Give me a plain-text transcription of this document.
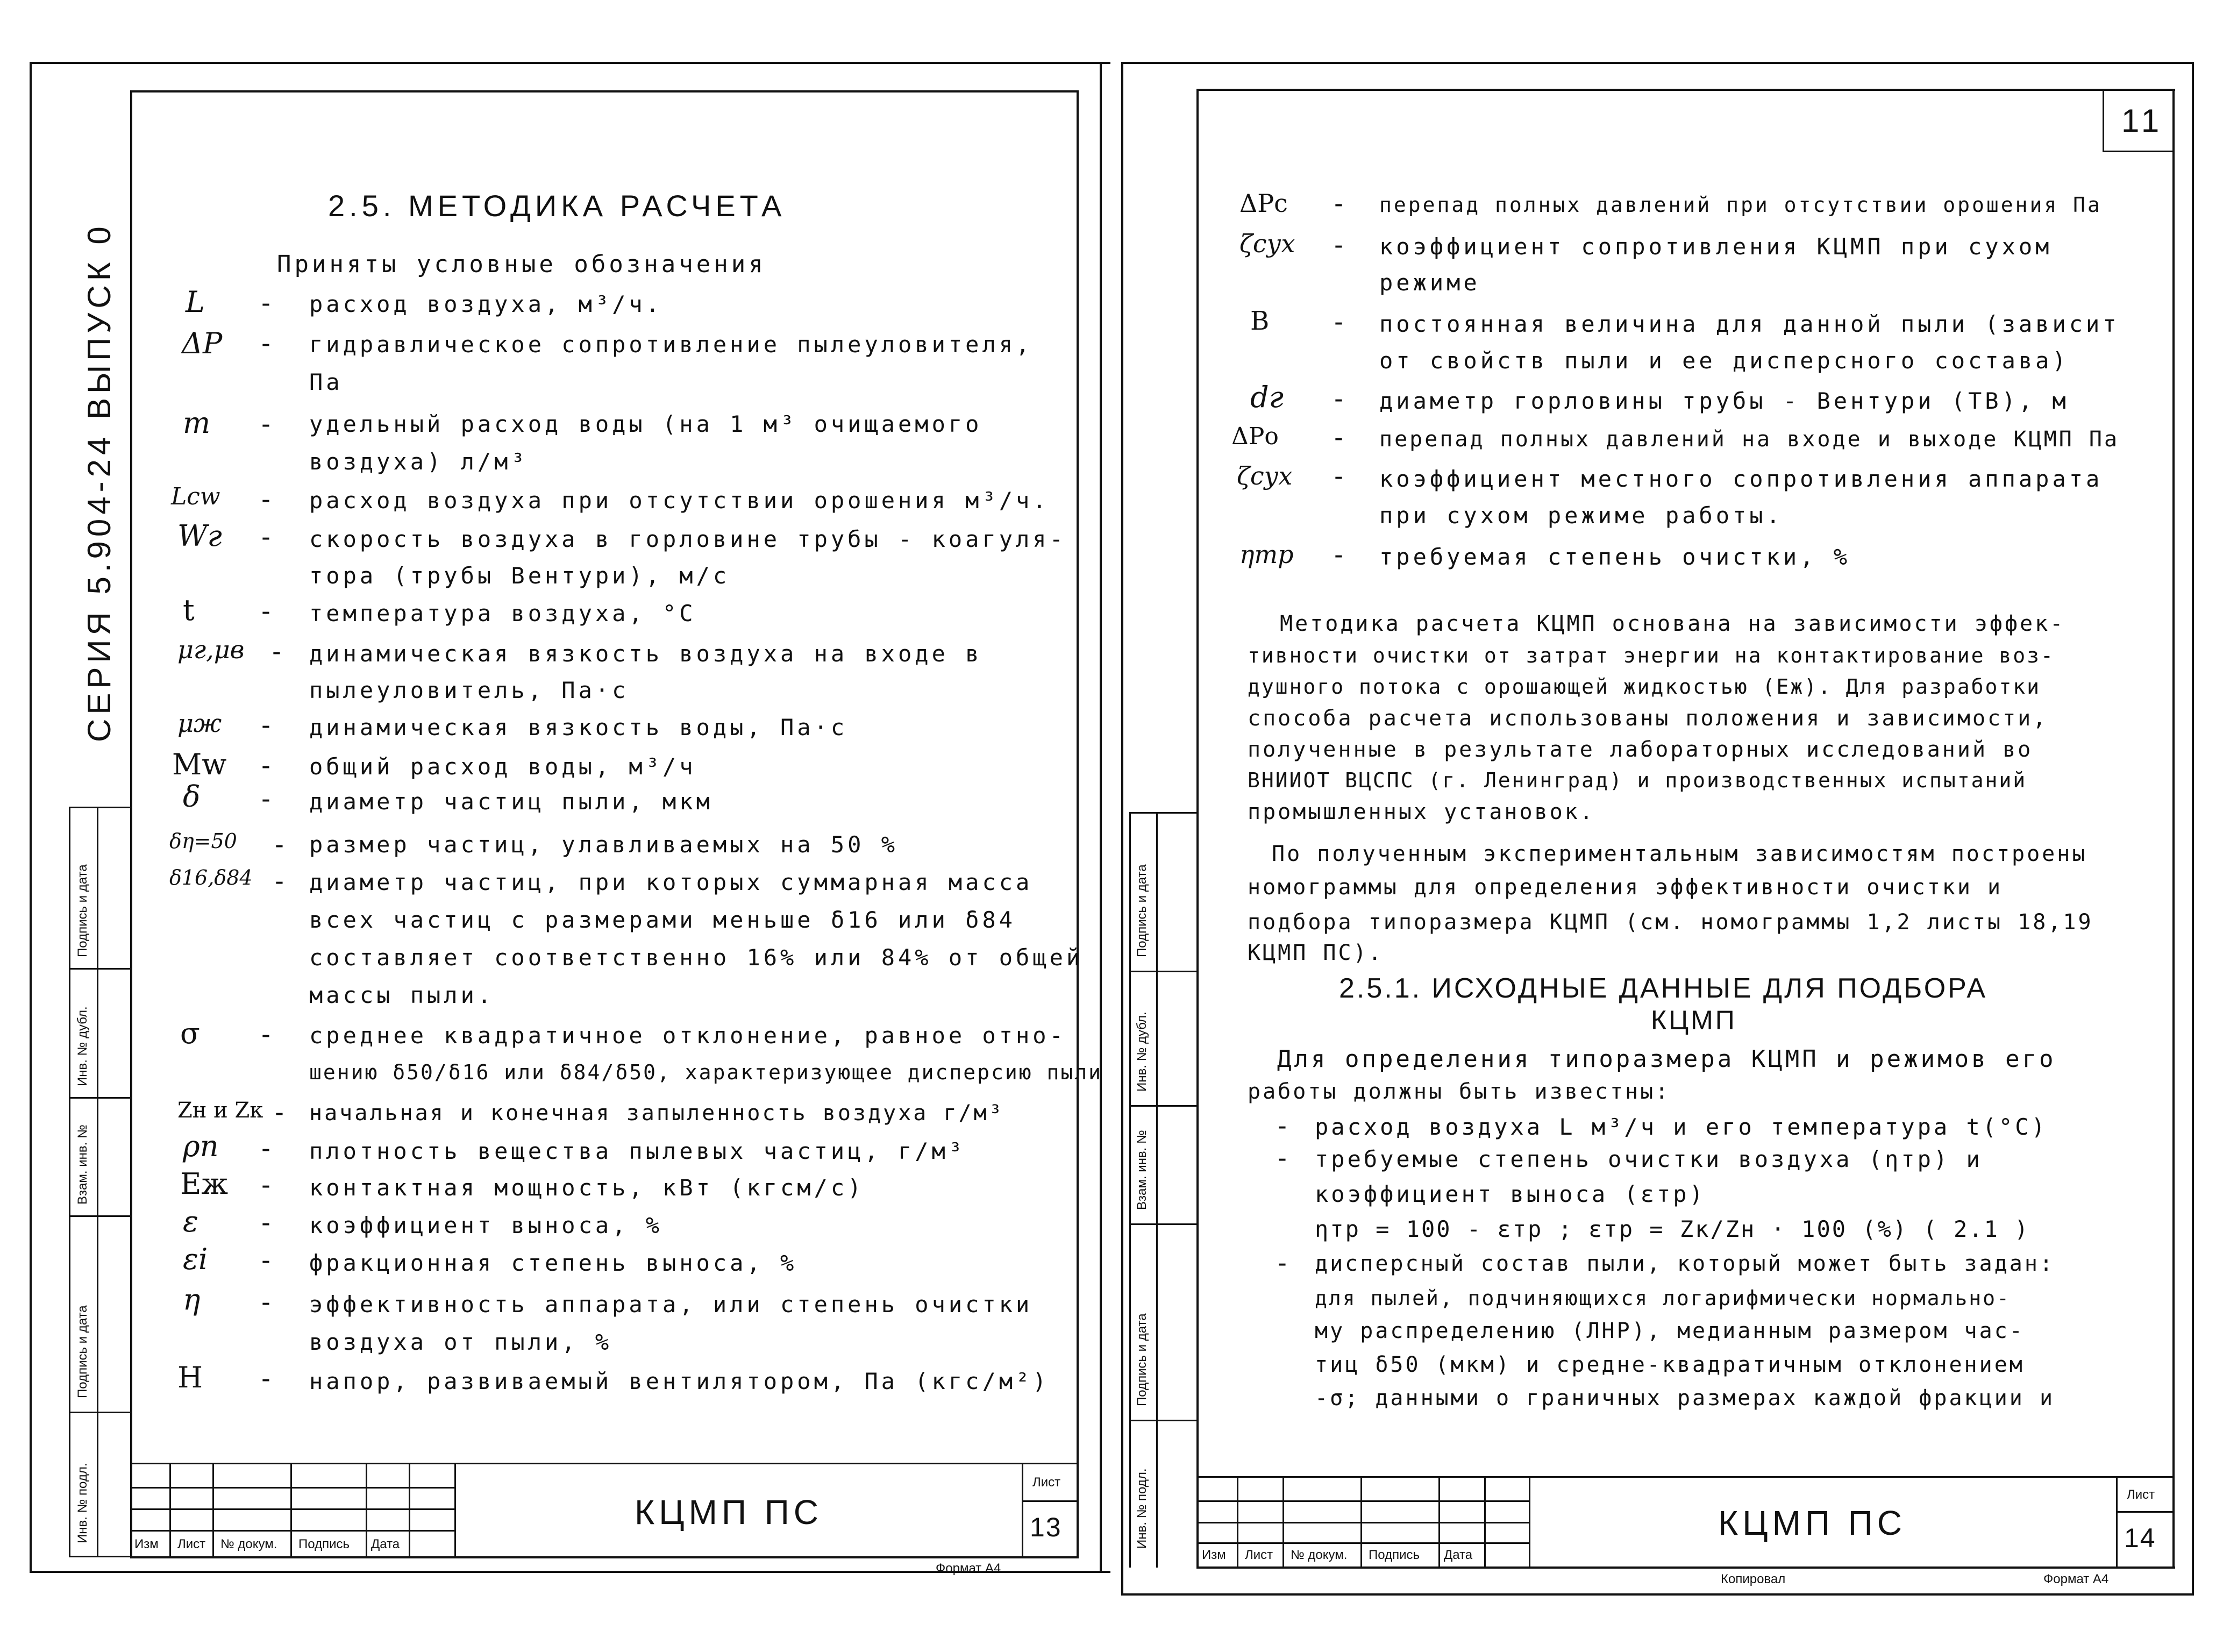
СЕРИЯ 5.904-24 ВЫПУСК 0
Инв. № подл.
Подпись и дата
Взам. инв. №
Инв. № дубл.
Подпись и дата
2.5. МЕТОДИКА РАСЧЕТА
Приняты условные обозначения
L - расход воздуха, м³/ч.
ΔP - гидравлическое сопротивление пылеуловителя,
Па
m - удельный расход воды (на 1 м³ очищаемого
воздуха) л/м³
Lсw - расход воздуха при отсутствии орошения м³/ч.
Wг - скорость воздуха в горловине трубы - коагуля-
тора (трубы Вентури), м/с
t - температура воздуха, °С
μг,μв - динамическая вязкость воздуха на входе в
пылеуловитель, Па·с
μж - динамическая вязкость воды, Па·с
Mw - общий расход воды, м³/ч
δ - диаметр частиц пыли, мкм
δη=50 - размер частиц, улавливаемых на 50 %
δ16,δ84 - диаметр частиц, при которых суммарная масса
всех частиц с размерами меньше δ16 или δ84
составляет соответственно 16% или 84% от общей
массы пыли.
σ - среднее квадратичное отклонение, равное отно-
шению δ50/δ16 или δ84/δ50, характеризующее дисперсию пыли
Zн и Zк - начальная и конечная запыленность воздуха г/м³
ρп - плотность вещества пылевых частиц, г/м³
Еж - контактная мощность, кВт (кгсм/с)
ε - коэффициент выноса, %
εi - фракционная степень выноса, %
η - эффективность аппарата, или степень очистки
воздуха от пыли, %
Н - напор, развиваемый вентилятором, Па (кгс/м²)
Изм Лист № докум. Подпись Дата
КЦМП ПС
Лист
13
Формат А4
11
Инв. № подл.
Подпись и дата
Взам. инв. №
Инв. № дубл.
Подпись и дата
ΔPс - перепад полных давлений при отсутствии орошения Па
ζсух - коэффициент сопротивления КЦМП при сухом
режиме
В - постоянная величина для данной пыли (зависит
от свойств пыли и ее дисперсного состава)
dг - диаметр горловины трубы - Вентури (ТВ), м
ΔPо - перепад полных давлений на входе и выходе КЦМП Па
ζсух - коэффициент местного сопротивления аппарата
при сухом режиме работы.
ηтр - требуемая степень очистки, %
Методика расчета КЦМП основана на зависимости эффек-
тивности очистки от затрат энергии на контактирование воз-
душного потока с орошающей жидкостью (Еж). Для разработки
способа расчета использованы положения и зависимости,
полученные в результате лабораторных исследований во
ВНИИОТ ВЦСПС (г. Ленинград) и производственных испытаний
промышленных установок.
По полученным экспериментальным зависимостям построены
номограммы для определения эффективности очистки и
подбора типоразмера КЦМП (см. номограммы 1,2 листы 18,19
КЦМП ПС).
2.5.1. ИСХОДНЫЕ ДАННЫЕ ДЛЯ ПОДБОРА
КЦМП
Для определения типоразмера КЦМП и режимов его
работы должны быть известны:
- расход воздуха L м³/ч и его температура t(°С)
- требуемые степень очистки воздуха (ηтр) и
коэффициент выноса (εтр)
ηтр = 100 - εтр ; εтр = Zк/Zн · 100 (%) ( 2.1 )
- дисперсный состав пыли, который может быть задан:
для пылей, подчиняющихся логарифмически нормально-
му распределению (ЛНР), медианным размером час-
тиц δ50 (мкм) и средне-квадратичным отклонением
-σ; данными о граничных размерах каждой фракции и
Изм Лист № докум. Подпись Дата
КЦМП ПС
Лист
14
Копировал	Формат А4
